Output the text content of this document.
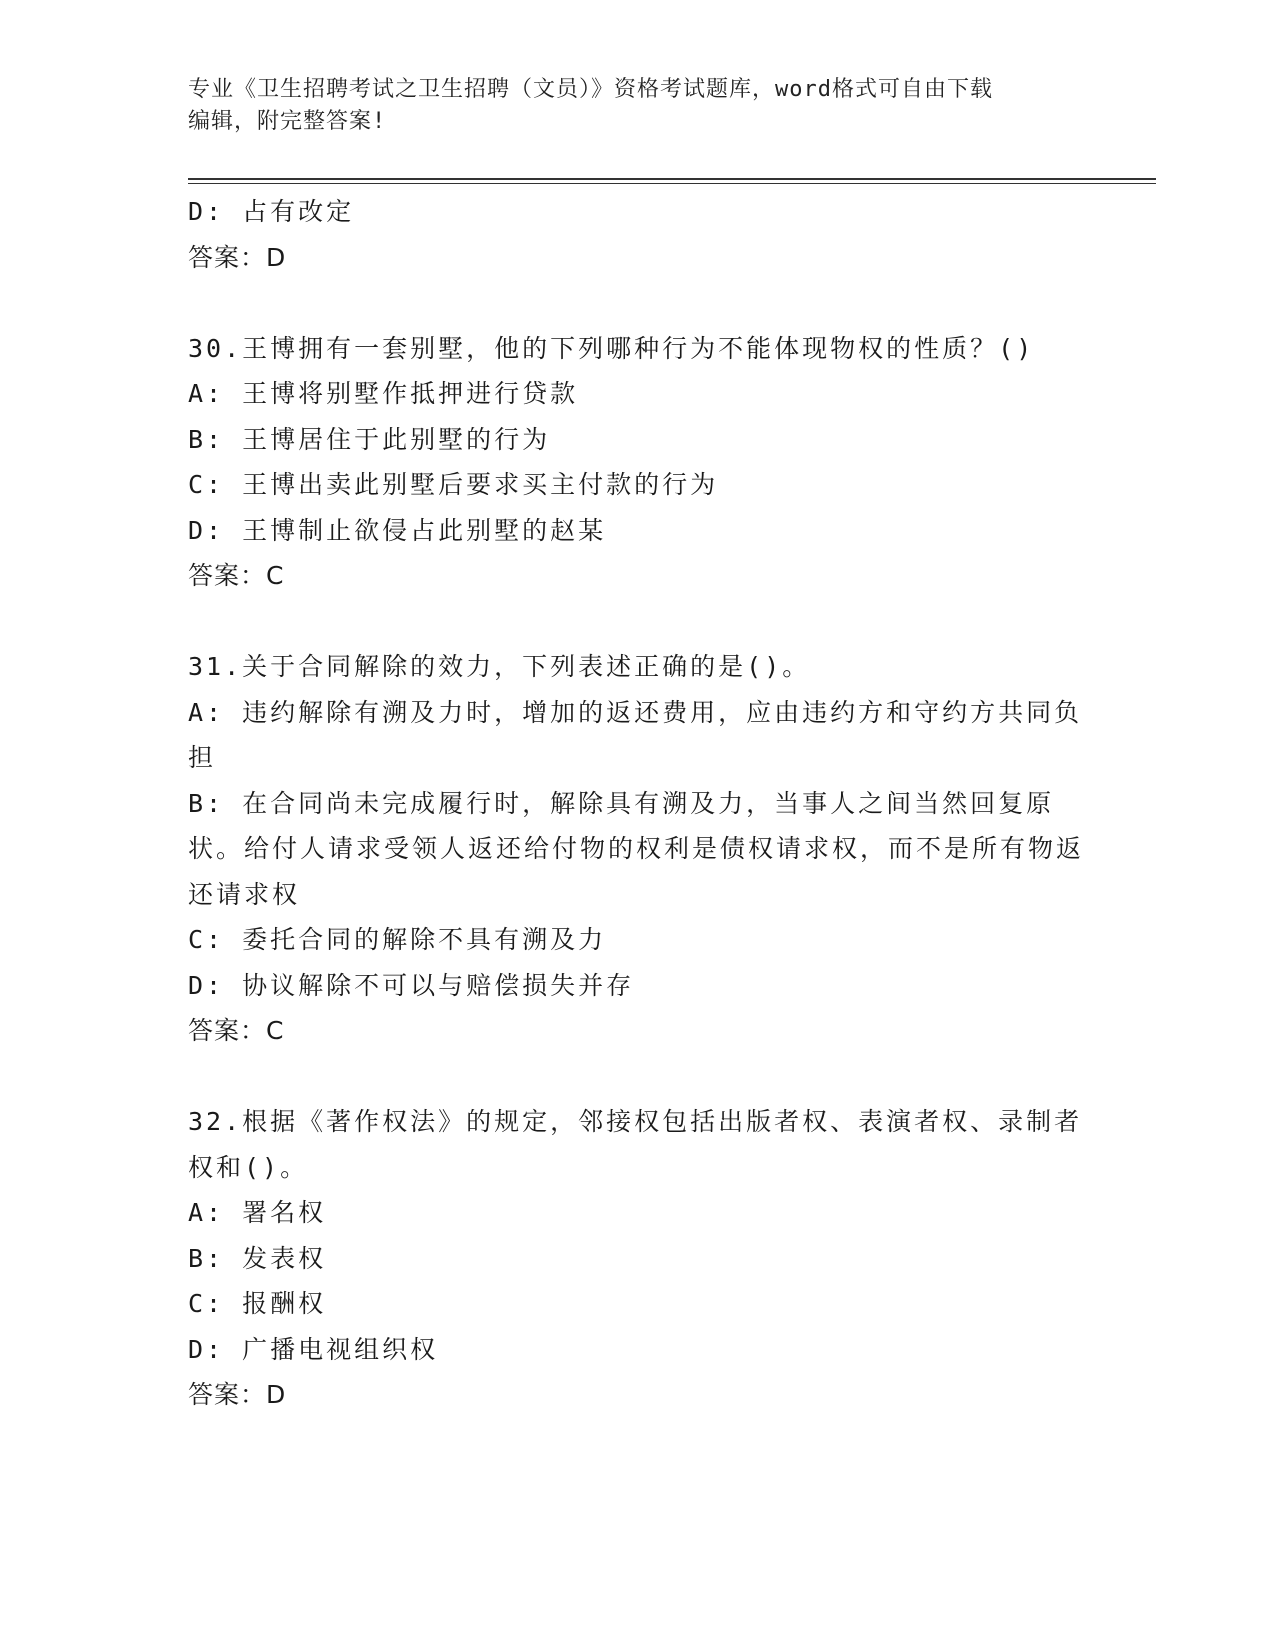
专业《卫生招聘考试之卫生招聘（文员）》资格考试题库，word格式可自由下载
编辑，附完整答案!

D: 占有改定

答案：D

30.王博拥有一套别墅，他的下列哪种行为不能体现物权的性质？()

A: 王博将别墅作抵押进行贷款

B: 王博居住于此别墅的行为

C: 王博出卖此别墅后要求买主付款的行为

D: 王博制止欲侵占此别墅的赵某

答案：C

31.关于合同解除的效力，下列表述正确的是()。

A: 违约解除有溯及力时，增加的返还费用，应由违约方和守约方共同负担

B: 在合同尚未完成履行时，解除具有溯及力，当事人之间当然回复原状。给付人请求受领人返还给付物的权利是债权请求权，而不是所有物返还请求权

C: 委托合同的解除不具有溯及力

D: 协议解除不可以与赔偿损失并存

答案：C

32.根据《著作权法》的规定，邻接权包括出版者权、表演者权、录制者权和()。

A: 署名权

B: 发表权

C: 报酬权

D: 广播电视组织权

答案：D
